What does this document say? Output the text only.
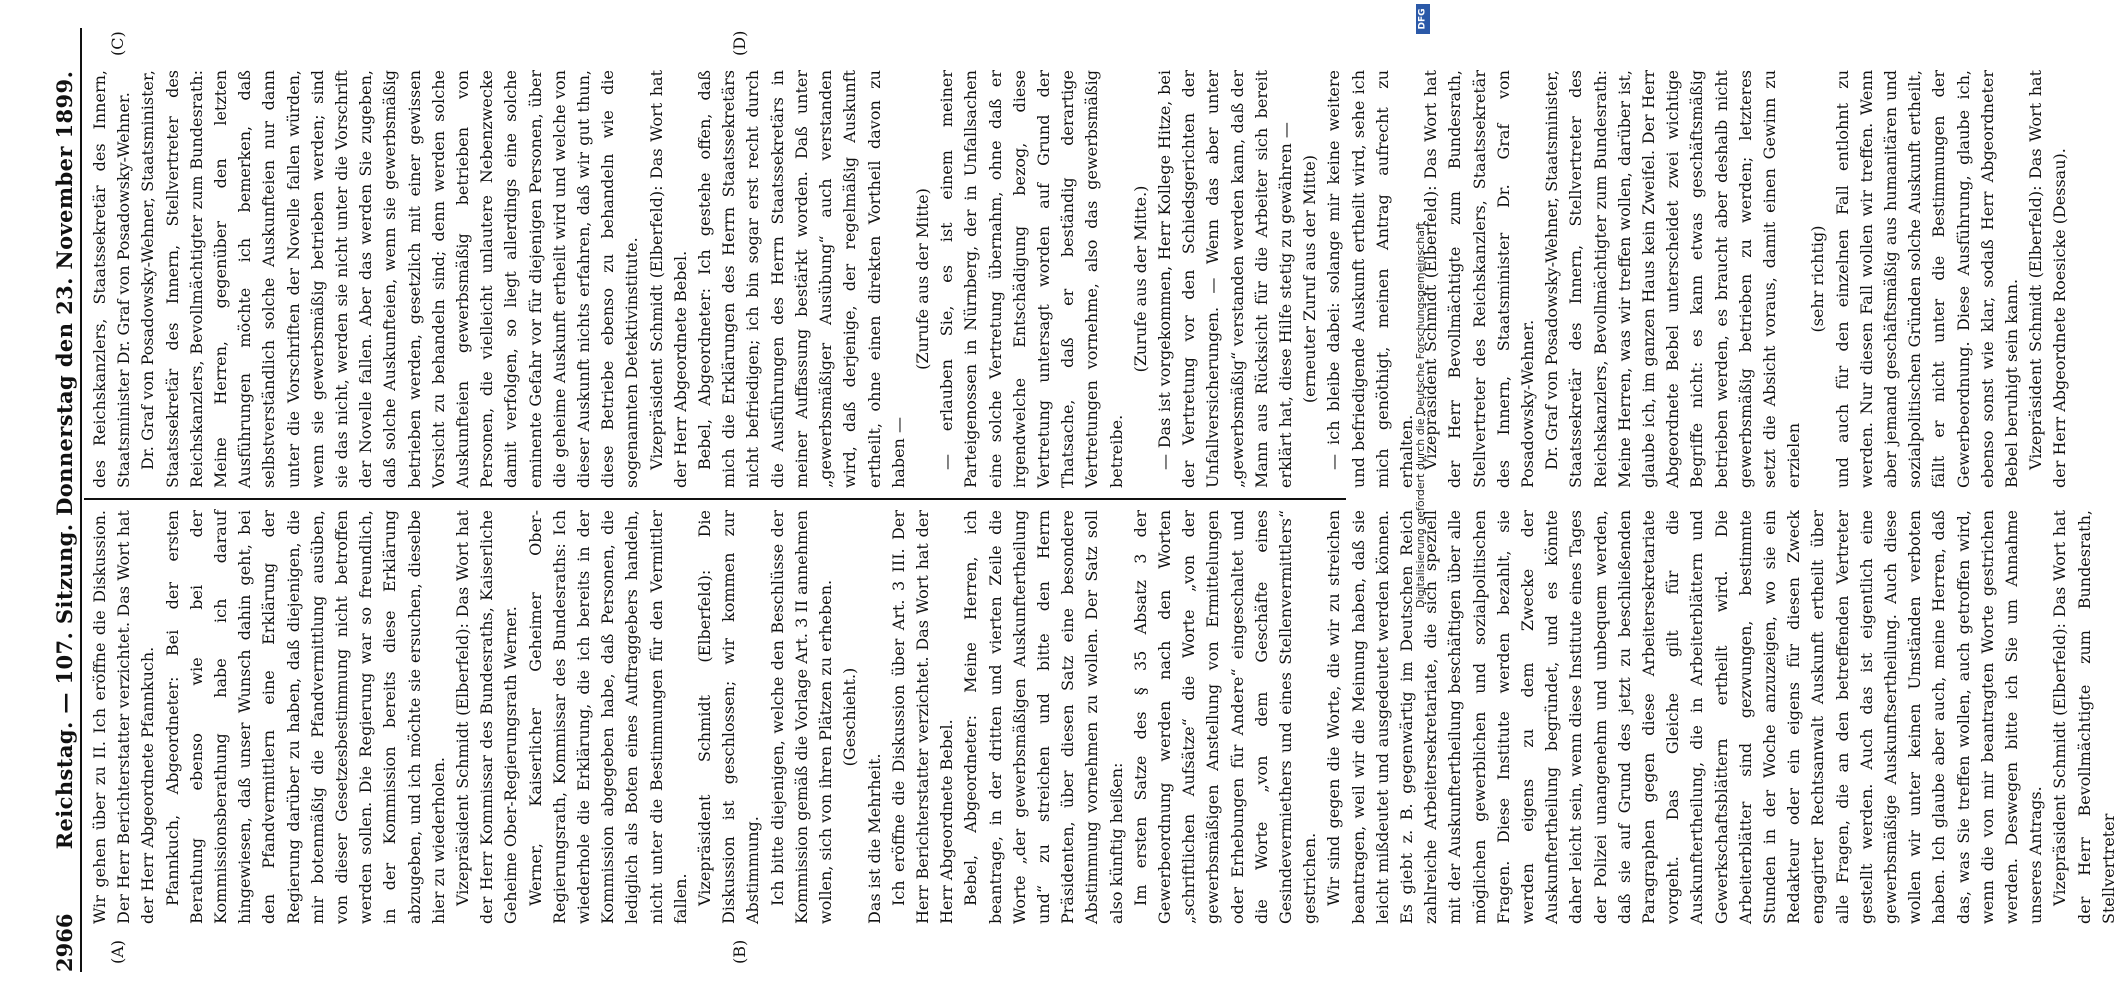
2966
Reichstag. — 107. Sitzung. Donnerstag den 23. November 1899.
(A)	(B)
(C)	(D)

Wir gehen über zu II. Ich eröffne die Diskussion. Der Herr Berichterstatter verzichtet. Das Wort hat der Herr Abgeordnete Pfannkuch. Pfannkuch, Abgeordneter: Bei der ersten Berathung ebenso wie bei der Kommissionsberathung habe ich darauf hingewiesen, daß unser Wunsch dahin geht, bei den Pfandvermittlern eine Erklärung der Regierung darüber zu haben, daß diejenigen, die mir botenmäßig die Pfandvermittlung ausüben, von dieser Gesetzesbestimmung nicht betroffen werden sollen. Die Regierung war so freundlich, in der Kommission bereits diese Erklärung abzugeben, und ich möchte sie ersuchen, dieselbe hier zu wiederholen. Vizepräsident Schmidt (Elberfeld): Das Wort hat der Herr Kommissar des Bundesraths, Kaiserliche Geheime Ober-Regierungsrath Werner. Werner, Kaiserlicher Geheimer Ober-Regierungsrath, Kommissar des Bundesraths: Ich wiederhole die Erklärung, die ich bereits in der Kommission abgegeben habe, daß Personen, die lediglich als Boten eines Auftraggebers handeln, nicht unter die Bestimmungen für den Vermittler fallen. Vizepräsident Schmidt (Elberfeld): Die Diskussion ist geschlossen; wir kommen zur Abstimmung. Ich bitte diejenigen, welche den Beschlüsse der Kommission gemäß die Vorlage Art. 3 II annehmen wollen, sich von ihren Plätzen zu erheben. (Geschieht.)

Das ist die Mehrheit. Ich eröffne die Diskussion über Art. 3 III. Der Herr Berichterstatter verzichtet. Das Wort hat der Herr Abgeordnete Bebel. Bebel, Abgeordneter: Meine Herren, ich beantrage, in der dritten und vierten Zeile die Worte „der gewerbsmäßigen Auskunftertheilung und“ zu streichen und bitte den Herrn Präsidenten, über diesen Satz eine besondere Abstimmung vornehmen zu wollen. Der Satz soll also künftig heißen: Im ersten Satze des § 35 Absatz 3 der Gewerbeordnung werden nach den Worten „schriftlichen Aufsätze“ die Worte „von der gewerbsmäßigen Anstellung von Ermittelungen oder Erhebungen für Andere“ eingeschaltet und die Worte „von dem Geschäfte eines Gesindevermiethers und eines Stellenvermittlers“ gestrichen. Wir sind gegen die Worte, die wir zu streichen beantragen, weil wir die Meinung haben, daß sie leicht mißdeutet und ausgedeutet werden können. Es giebt z. B. gegenwärtig im Deutschen Reich zahlreiche Arbeitersekretariate, die sich speziell mit der Auskunftertheilung beschäftigen über alle möglichen gewerblichen und sozialpolitischen Fragen. Diese Institute werden bezahlt, sie werden eigens zu dem Zwecke der Auskunftertheilung begründet, und es könnte daher leicht sein, wenn diese Institute eines Tages der Polizei unangenehm und unbequem werden, daß sie auf Grund des jetzt zu beschließenden Paragraphen gegen diese Arbeitersekretariate vorgeht. Das Gleiche gilt für die Auskunftertheilung, die in Arbeiterblättern und Gewerkschaftsblättern ertheilt wird. Die Arbeiterblätter sind gezwungen, bestimmte Stunden in der Woche anzuzeigen, wo sie ein Redakteur oder ein eigens für diesen Zweck engagirter Rechtsanwalt Auskunft ertheilt über alle Fragen, die an den betreffenden Vertreter gestellt werden. Auch das ist eigentlich eine gewerbsmäßige Auskunftsertheilung. Auch diese wollen wir unter keinen Umständen verboten haben. Ich glaube aber auch, meine Herren, daß das, was Sie treffen wollen, auch getroffen wird, wenn die von mir beantragten Worte gestrichen werden. Deswegen bitte ich Sie um Annahme unseres Antrags. Vizepräsident Schmidt (Elberfeld): Das Wort hat der Herr Bevollmächtigte zum Bundesrath, Stellvertreter

des Reichskanzlers, Staatssekretär des Innern, Staatsminister Dr. Graf von Posadowsky-Wehner. Dr. Graf von Posadowsky-Wehner, Staatsminister, Staatssekretär des Innern, Stellvertreter des Reichskanzlers, Bevollmächtigter zum Bundesrath: Meine Herren, gegenüber den letzten Ausführungen möchte ich bemerken, daß selbstverständlich solche Auskunfteien nur dann unter die Vorschriften der Novelle fallen würden, wenn sie gewerbsmäßig betrieben werden; sind sie das nicht, werden sie nicht unter die Vorschrift der Novelle fallen. Aber das werden Sie zugeben, daß solche Auskunfteien, wenn sie gewerbsmäßig betrieben werden, gesetzlich mit einer gewissen Vorsicht zu behandeln sind; denn werden solche Auskunfteien gewerbsmäßig betrieben von Personen, die vielleicht unlautere Nebenzwecke damit verfolgen, so liegt allerdings eine solche eminente Gefahr vor für diejenigen Personen, über die geheime Auskunft ertheilt wird und welche von dieser Auskunft nichts erfahren, daß wir gut thun, diese Betriebe ebenso zu behandeln wie die sogenannten Detektivinstitute. Vizepräsident Schmidt (Elberfeld): Das Wort hat der Herr Abgeordnete Bebel. Bebel, Abgeordneter: Ich gestehe offen, daß mich die Erklärungen des Herrn Staatssekretärs nicht befriedigen; ich bin sogar erst recht durch die Ausführungen des Herrn Staatssekretärs in meiner Auffassung bestärkt worden. Daß unter „gewerbsmäßiger Ausübung“ auch verstanden wird, daß derjenige, der regelmäßig Auskunft ertheilt, ohne einen direkten Vortheil davon zu haben —

(Zurufe aus der Mitte) — erlauben Sie, es ist einem meiner Parteigenossen in Nürnberg, der in Unfallsachen eine solche Vertretung übernahm, ohne daß er irgendwelche Entschädigung bezog, diese Vertretung untersagt worden auf Grund der Thatsache, daß er beständig derartige Vertretungen vornehme, also das gewerbsmäßig betreibe.

(Zurufe aus der Mitte.) — Das ist vorgekommen, Herr Kollege Hitze, bei der Vertretung vor den Schiedsgerichten der Unfallversicherungen. — Wenn das aber unter „gewerbsmäßig“ verstanden werden kann, daß der Mann aus Rücksicht für die Arbeiter sich bereit erklärt hat, diese Hilfe stetig zu gewähren — (erneuter Zuruf aus der Mitte) — ich bleibe dabei: solange mir keine weitere und befriedigende Auskunft ertheilt wird, sehe ich mich genöthigt, meinen Antrag aufrecht zu erhalten. Vizepräsident Schmidt (Elberfeld): Das Wort hat der Herr Bevollmächtigte zum Bundesrath, Stellvertreter des Reichskanzlers, Staatssekretär des Innern, Staatsminister Dr. Graf von Posadowsky-Wehner. Dr. Graf von Posadowsky-Wehner, Staatsminister, Staatssekretär des Innern, Stellvertreter des Reichskanzlers, Bevollmächtigter zum Bundesrath: Meine Herren, was wir treffen wollen, darüber ist, glaube ich, im ganzen Haus kein Zweifel. Der Herr Abgeordnete Bebel unterscheidet zwei wichtige Begriffe nicht: es kann etwas geschäftsmäßig betrieben werden, es braucht aber deshalb nicht gewerbsmäßig betrieben zu werden; letzteres setzt die Absicht voraus, damit einen Gewinn zu erzielen

(sehr richtig) und auch für den einzelnen Fall entlohnt zu werden. Nur diesen Fall wollen wir treffen. Wenn aber jemand geschäftsmäßig aus humanitären und sozialpolitischen Gründen solche Auskunft ertheilt, fällt er nicht unter die Bestimmungen der Gewerbeordnung. Diese Ausführung, glaube ich, ebenso sonst wie klar, sodaß Herr Abgeordneter Bebel beruhigt sein kann. Vizepräsident Schmidt (Elberfeld): Das Wort hat der Herr Abgeordnete Roesicke (Dessau).

Digitalisierung gefördert durch die Deutsche Forschungsgemeinschaft
DFG
